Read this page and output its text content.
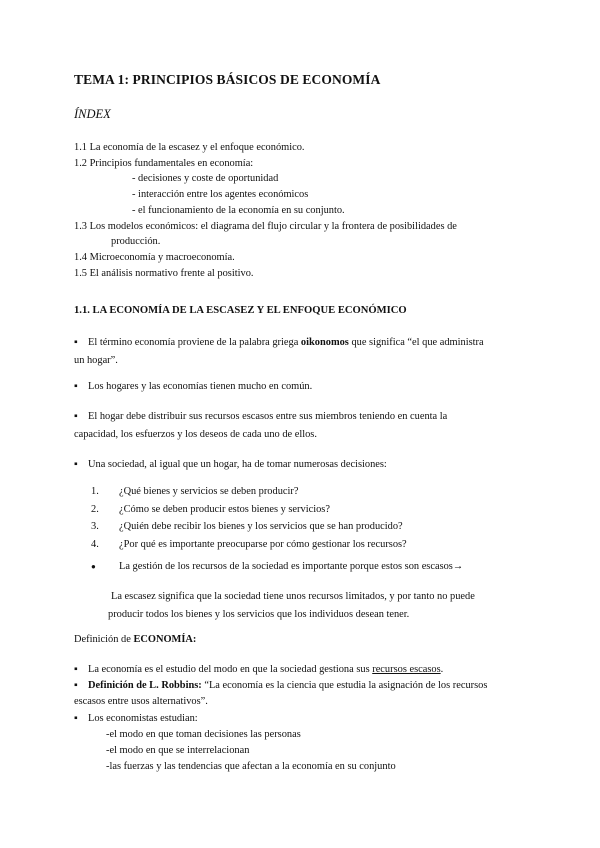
TEMA 1: PRINCIPIOS BÁSICOS DE ECONOMÍA
ÍNDEX
1.1 La economía de la escasez y el enfoque económico.
1.2 Principios fundamentales en economía:
- decisiones y coste de oportunidad
- interacción entre los agentes económicos
- el funcionamiento de la economía en su conjunto.
1.3 Los modelos económicos: el diagrama del flujo circular y la frontera de posibilidades de
producción.
1.4 Microeconomía y macroeconomía.
1.5 El análisis normativo frente al positivo.
1.1. LA ECONOMÍA DE LA ESCASEZ Y EL ENFOQUE ECONÓMICO
▪ El término economía proviene de la palabra griega oikonomos que significa “el que administra
un hogar”.
▪ Los hogares y las economías tienen mucho en común.
▪ El hogar debe distribuir sus recursos escasos entre sus miembros teniendo en cuenta la
capacidad, los esfuerzos y los deseos de cada uno de ellos.
▪ Una sociedad, al igual que un hogar, ha de tomar numerosas decisiones:
1. ¿Qué bienes y servicios se deben producir?
2. ¿Cómo se deben producir estos bienes y servicios?
3. ¿Quién debe recibir los bienes y los servicios que se han producido?
4. ¿Por qué es importante preocuparse por cómo gestionar los recursos?
● La gestión de los recursos de la sociedad es importante porque estos son escasos→
La escasez significa que la sociedad tiene unos recursos limitados, y por tanto no puede
producir todos los bienes y los servicios que los individuos desean tener.
Definición de ECONOMÍA:
▪ La economía es el estudio del modo en que la sociedad gestiona sus recursos escasos.
▪ Definición de L. Robbins: “La economía es la ciencia que estudia la asignación de los recursos
escasos entre usos alternativos”.
▪ Los economistas estudian:
-el modo en que toman decisiones las personas
-el modo en que se interrelacionan
-las fuerzas y las tendencias que afectan a la economía en su conjunto
